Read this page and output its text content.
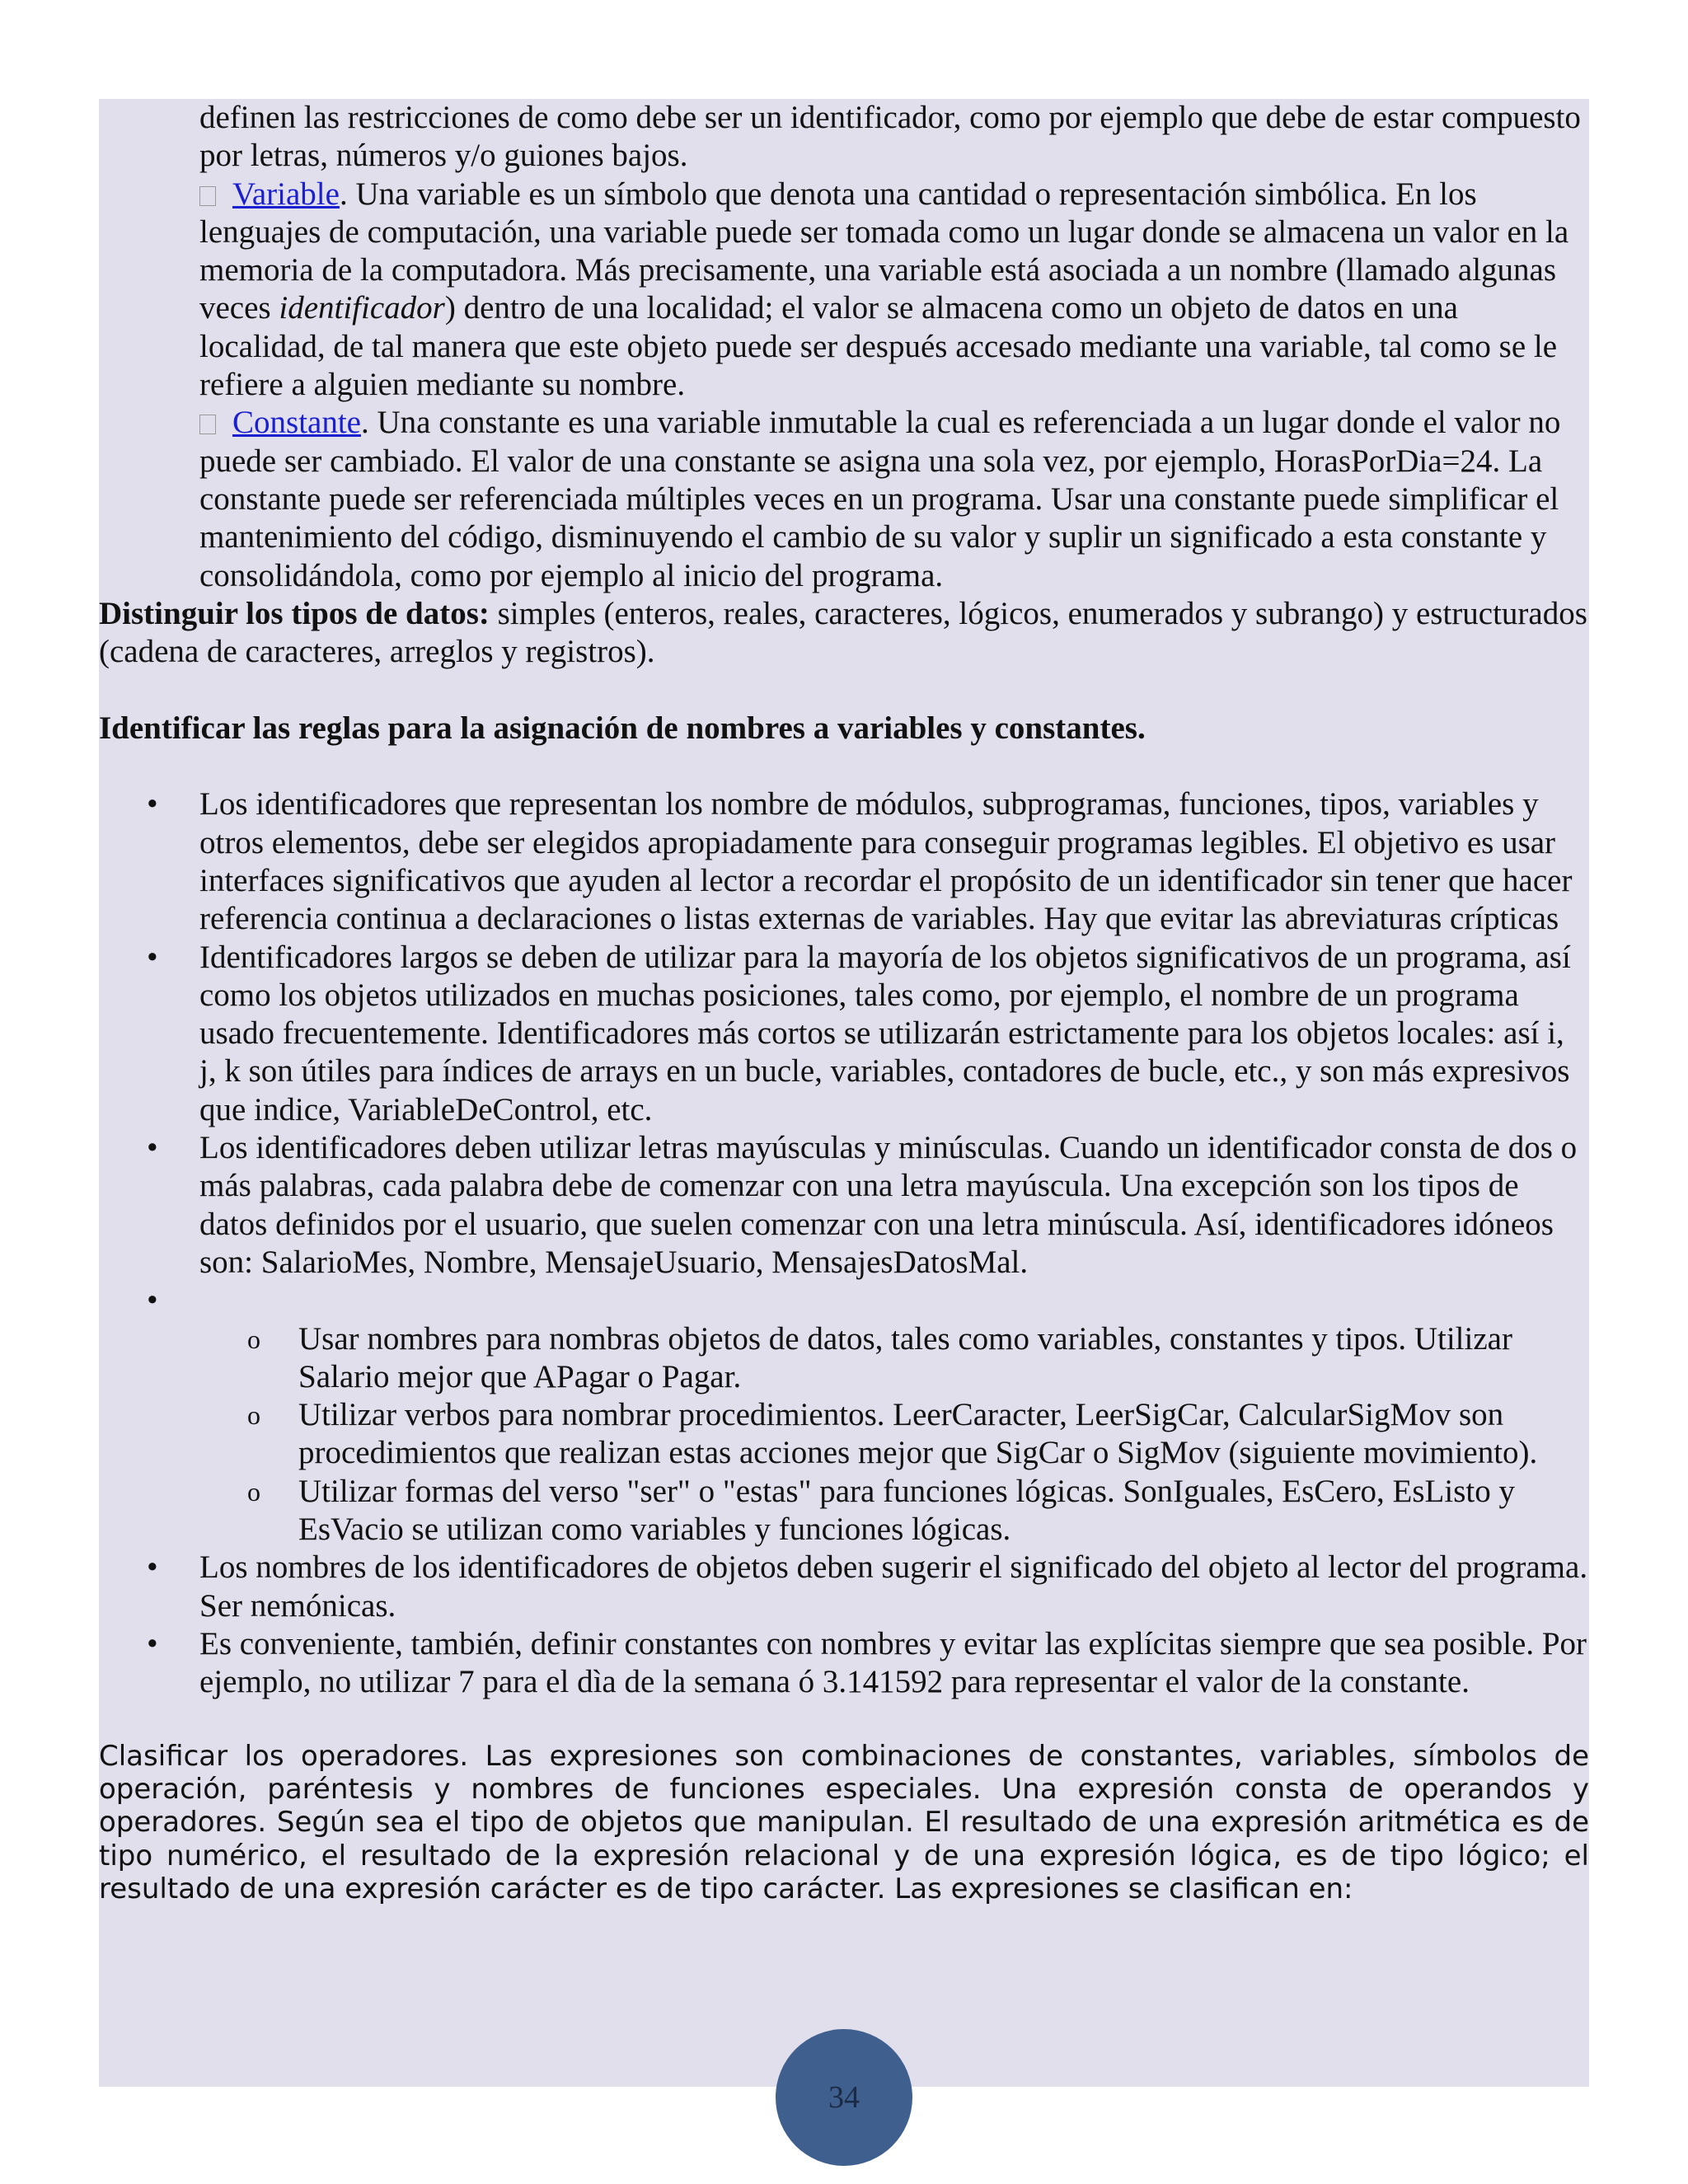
definen las restricciones de como debe ser un identificador, como por ejemplo que debe de estar compuesto por letras, números y/o guiones bajos.
Variable. Una variable es un símbolo que denota una cantidad o representación simbólica. En los lenguajes de computación, una variable puede ser tomada como un lugar donde se almacena un valor en la memoria de la computadora. Más precisamente, una variable está asociada a un nombre (llamado algunas veces identificador) dentro de una localidad; el valor se almacena como un objeto de datos en una localidad, de tal manera que este objeto puede ser después accesado mediante una variable, tal como se le refiere a alguien mediante su nombre.
Constante. Una constante es una variable inmutable la cual es referenciada a un lugar donde el valor no puede ser cambiado. El valor de una constante se asigna una sola vez, por ejemplo, HorasPorDia=24. La constante puede ser referenciada múltiples veces en un programa. Usar una constante puede simplificar el mantenimiento del código, disminuyendo el cambio de su valor y suplir un significado a esta constante y consolidándola, como por ejemplo al inicio del programa.
Distinguir los tipos de datos: simples (enteros, reales, caracteres, lógicos, enumerados y subrango) y estructurados (cadena de caracteres, arreglos y registros).
Identificar las reglas para la asignación de nombres a variables y constantes.
• Los identificadores que representan los nombre de módulos, subprogramas, funciones, tipos, variables y otros elementos, debe ser elegidos apropiadamente para conseguir programas legibles. El objetivo es usar interfaces significativos que ayuden al lector a recordar el propósito de un identificador sin tener que hacer referencia continua a declaraciones o listas externas de variables. Hay que evitar las abreviaturas crípticas
• Identificadores largos se deben de utilizar para la mayoría de los objetos significativos de un programa, así como los objetos utilizados en muchas posiciones, tales como, por ejemplo, el nombre de un programa usado frecuentemente. Identificadores más cortos se utilizarán estrictamente para los objetos locales: así i, j, k son útiles para índices de arrays en un bucle, variables, contadores de bucle, etc., y son más expresivos que indice, VariableDeControl, etc.
• Los identificadores deben utilizar letras mayúsculas y minúsculas. Cuando un identificador consta de dos o más palabras, cada palabra debe de comenzar con una letra mayúscula. Una excepción son los tipos de datos definidos por el usuario, que suelen comenzar con una letra minúscula. Así, identificadores idóneos son: SalarioMes, Nombre, MensajeUsuario, MensajesDatosMal.

o • Usar nombres para nombras objetos de datos, tales como variables, constantes y tipos. Utilizar Salario mejor que APagar o Pagar.
o Utilizar verbos para nombrar procedimientos. LeerCaracter, LeerSigCar, CalcularSigMov son procedimientos que realizan estas acciones mejor que SigCar o SigMov (siguiente movimiento).
o Utilizar formas del verso "ser" o "estas" para funciones lógicas. SonIguales, EsCero, EsListo y EsVacio se utilizan como variables y funciones lógicas.
• Los nombres de los identificadores de objetos deben sugerir el significado del objeto al lector del programa. Ser nemónicas.
• Es conveniente, también, definir constantes con nombres y evitar las explícitas siempre que sea posible. Por ejemplo, no utilizar 7 para el dìa de la semana ó 3.141592 para representar el valor de la constante.
Clasificar los operadores. Las expresiones son combinaciones de constantes, variables, símbolos de operación, paréntesis y nombres de funciones especiales. Una expresión consta de operandos y operadores. Según sea el tipo de objetos que manipulan. El resultado de una expresión aritmética es de tipo numérico, el resultado de la expresión relacional y de una expresión lógica, es de tipo lógico; el resultado de una expresión carácter es de tipo carácter. Las expresiones se clasifican en:
34
